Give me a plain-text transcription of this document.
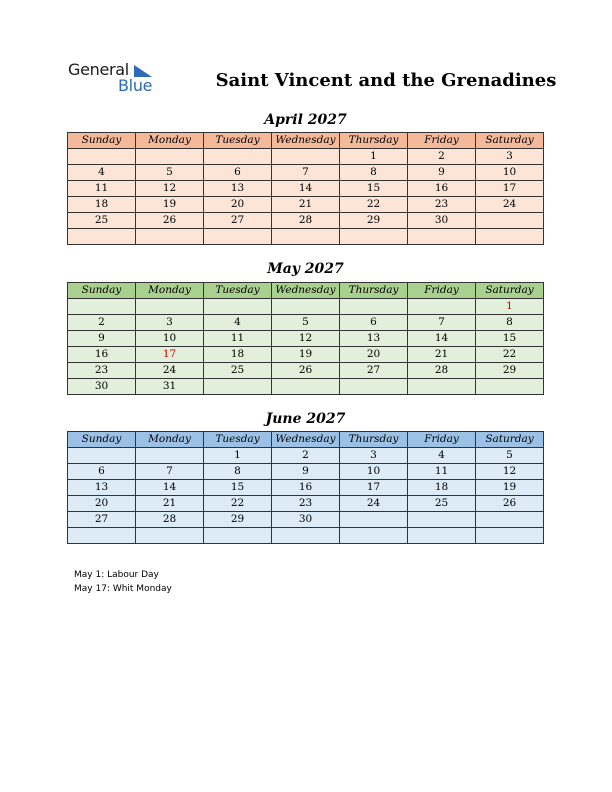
General
Blue	Saint Vincent and the Grenadines
April 2027
Sunday	Monday	Tuesday	Wednesday	Thursday	Friday	Saturday
				1	2	3
4	5	6	7	8	9	10
11	12	13	14	15	16	17
18	19	20	21	22	23	24
25	26	27	28	29	30	

May 2027
Sunday	Monday	Tuesday	Wednesday	Thursday	Friday	Saturday
						1
2	3	4	5	6	7	8
9	10	11	12	13	14	15
16	17	18	19	20	21	22
23	24	25	26	27	28	29
30	31					
June 2027
Sunday	Monday	Tuesday	Wednesday	Thursday	Friday	Saturday
		1	2	3	4	5
6	7	8	9	10	11	12
13	14	15	16	17	18	19
20	21	22	23	24	25	26
27	28	29	30			

May 1: Labour Day
May 17: Whit Monday
